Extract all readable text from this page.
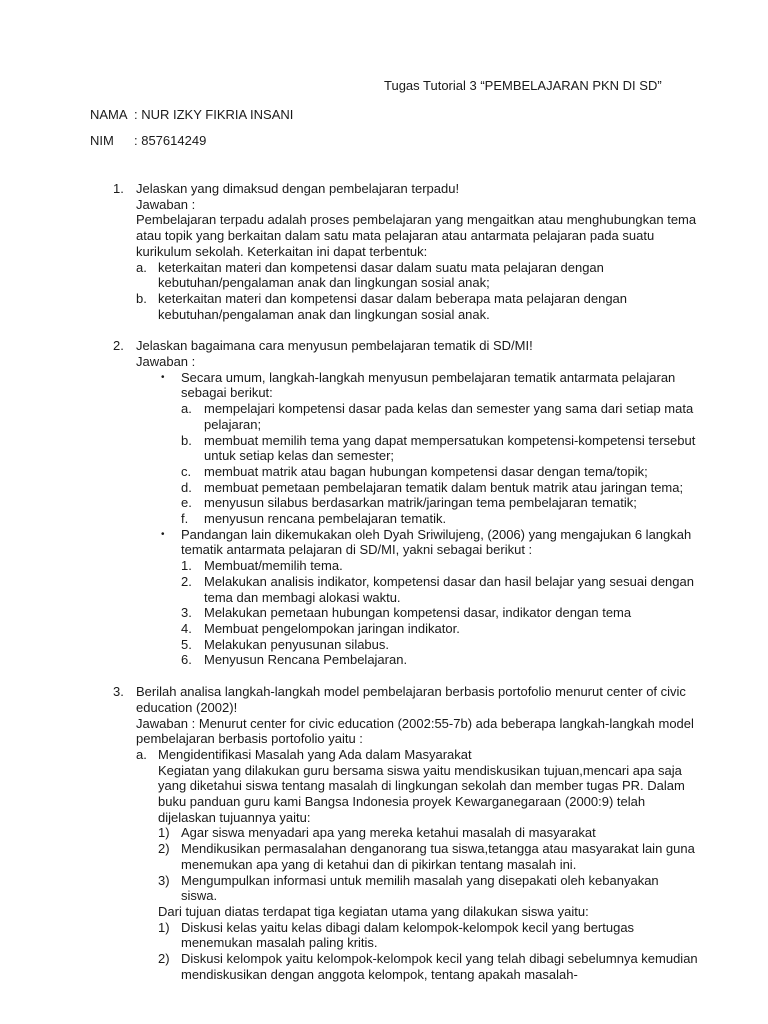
Tugas Tutorial 3 “PEMBELAJARAN PKN DI SD”
NAMA : NUR IZKY FIKRIA INSANI
NIM : 857614249
1. Jelaskan yang dimaksud dengan pembelajaran terpadu!
Jawaban :
Pembelajaran terpadu adalah proses pembelajaran yang mengaitkan atau menghubungkan tema atau topik yang berkaitan dalam satu mata pelajaran atau antarmata pelajaran pada suatu kurikulum sekolah. Keterkaitan ini dapat terbentuk:
a. keterkaitan materi dan kompetensi dasar dalam suatu mata pelajaran dengan kebutuhan/pengalaman anak dan lingkungan sosial anak;
b. keterkaitan materi dan kompetensi dasar dalam beberapa mata pelajaran dengan kebutuhan/pengalaman anak dan lingkungan sosial anak.
2. Jelaskan bagaimana cara menyusun pembelajaran tematik di SD/MI!
Jawaban :
• Secara umum, langkah-langkah menyusun pembelajaran tematik antarmata pelajaran sebagai berikut:
a. mempelajari kompetensi dasar pada kelas dan semester yang sama dari setiap mata pelajaran;
b. membuat memilih tema yang dapat mempersatukan kompetensi-kompetensi tersebut untuk setiap kelas dan semester;
c. membuat matrik atau bagan hubungan kompetensi dasar dengan tema/topik;
d. membuat pemetaan pembelajaran tematik dalam bentuk matrik atau jaringan tema;
e. menyusun silabus berdasarkan matrik/jaringan tema pembelajaran tematik;
f. menyusun rencana pembelajaran tematik.
• Pandangan lain dikemukakan oleh Dyah Sriwilujeng, (2006) yang mengajukan 6 langkah tematik antarmata pelajaran di SD/MI, yakni sebagai berikut :
1. Membuat/memilih tema.
2. Melakukan analisis indikator, kompetensi dasar dan hasil belajar yang sesuai dengan tema dan membagi alokasi waktu.
3. Melakukan pemetaan hubungan kompetensi dasar, indikator dengan tema
4. Membuat pengelompokan jaringan indikator.
5. Melakukan penyusunan silabus.
6. Menyusun Rencana Pembelajaran.
3. Berilah analisa langkah-langkah model pembelajaran berbasis portofolio menurut center of civic education (2002)!
Jawaban : Menurut center for civic education (2002:55-7b) ada beberapa langkah-langkah model pembelajaran berbasis portofolio yaitu :
a. Mengidentifikasi Masalah yang Ada dalam Masyarakat
Kegiatan yang dilakukan guru bersama siswa yaitu mendiskusikan tujuan,mencari apa saja yang diketahui siswa tentang masalah di lingkungan sekolah dan member tugas PR. Dalam buku panduan guru kami Bangsa Indonesia proyek Kewarganegaraan (2000:9) telah dijelaskan tujuannya yaitu:
1) Agar siswa menyadari apa yang mereka ketahui masalah di masyarakat
2) Mendikusikan permasalahan denganorang tua siswa,tetangga atau masyarakat lain guna menemukan apa yang di ketahui dan di pikirkan tentang masalah ini.
3) Mengumpulkan informasi untuk memilih masalah yang disepakati oleh kebanyakan siswa.
Dari tujuan diatas terdapat tiga kegiatan utama yang dilakukan siswa yaitu:
1) Diskusi kelas yaitu kelas dibagi dalam kelompok-kelompok kecil yang bertugas menemukan masalah paling kritis.
2) Diskusi kelompok yaitu kelompok-kelompok kecil yang telah dibagi sebelumnya kemudian mendiskusikan dengan anggota kelompok, tentang apakah masalah-
